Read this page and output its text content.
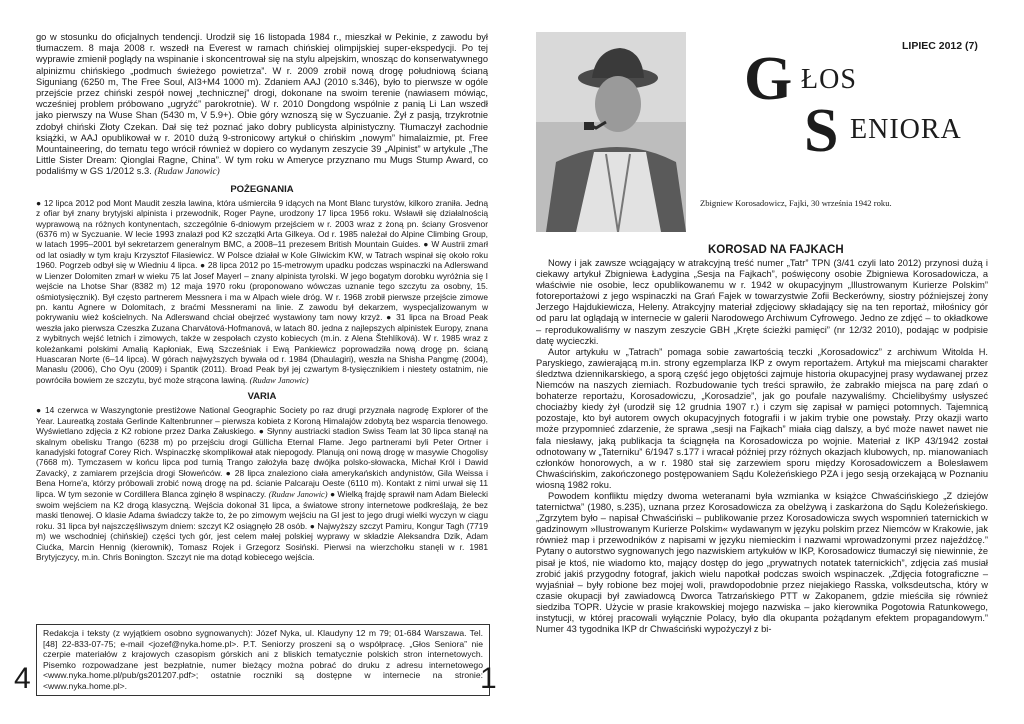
go w stosunku do oficjalnych tendencji. Urodził się 16 listopada 1984 r., mieszkał w Pekinie, z zawodu był tłumaczem. 8 maja 2008 r. wszedł na Everest w ramach chińskiej olimpijskiej super-ekspedycji. Po tej wyprawie zmienił poglądy na wspinanie i skoncentrował się na stylu alpejskim, wnosząc do konserwatywnego alpinizmu chińskiego „podmuch świeżego powietrza”. W r. 2009 zrobił nową drogę południową ścianą Siguniang (6250 m, The Free Soul, AI3+M4 1000 m). Zdaniem AAJ (2010 s.346), było to pierwsze w ogóle przejście przez chiński zespół nowej „technicznej” drogi, dokonane na swoim terenie (nawiasem mówiąc, wcześniej problem próbowano „ugryźć” parokrotnie). W r. 2010 Dongdong wspólnie z panią Li Lan wszedł jako pierwszy na Wuse Shan (5430 m, V 5.9+). Obie góry wznoszą się w Syczuanie. Żył z pasją, trzykrotnie zdobył chiński Złoty Czekan. Dał się też poznać jako dobry publicysta alpinistyczny. Tłumaczył zachodnie książki, w AAJ opublikował w r. 2010 dużą 9-stronicowy artykuł o chińskim „nowym” himalaizmie, pt. Free Mountaineering, do tematu tego wrócił również w dopiero co wydanym zeszycie 39 „Alpinist” w artykule „The Little Sister Dream: Qionglai Ragne, China”. W tym roku w Ameryce przyznano mu Mugs Stump Award, co podaliśmy w GS 1/2012 s.3. (Rudaw Janowic)

POŻEGNANIA

● 12 lipca 2012 pod Mont Maudit zeszła lawina, która uśmierciła 9 idących na Mont Blanc turystów, kilkoro zraniła. Jedną z ofiar był znany brytyjski alpinista i przewodnik, Roger Payne, urodzony 17 lipca 1956 roku. Wsławił się działalnością wyprawową na różnych kontynentach, szczególnie 6-dniowym przejściem w r. 2003 wraz z żoną pn. ściany Grosvenor (6376 m) w Syczuanie. W lecie 1993 znalazł pod K2 szczątki Arta Gilkeya. Od r. 1985 należał do Alpine Climbing Group, w latach 1995–2001 był sekretarzem generalnym BMC, a 2008–11 prezesem British Mountain Guides. ● W Austrii zmarł od lat osiadły w tym kraju Krzysztof Filasiewicz. W Polsce działał w Kole Gliwickim KW, w Tatrach wspinał się około roku 1960. Pogrzeb odbył się w Wiedniu 4 lipca. ● 28 lipca 2012 po 15-metrowym upadku podczas wspinaczki na Adlerswand w Lienzer Dolomiten zmarł w wieku 75 lat Josef Mayerl – znany alpinista tyrolski. W jego bogatym dorobku wyróżnia się I wejście na Lhotse Shar (8382 m) 12 maja 1970 roku (proponowano wówczas uznanie tego szczytu za osobny, 15. ośmiotysięcznik). Był często partnerem Messnera i ma w Alpach wiele dróg. W r. 1968 zrobił pierwsze przejście zimowe pn. kantu Agnere w Dolomitach, z braćmi Messnerami na linie. Z zawodu był dekarzem, wyspecjalizowanym w pokrywaniu wież kościelnych. Na Adlerswand chciał obejrzeć wystawiony tam nowy krzyż. ● 31 lipca na Broad Peak weszła jako pierwsza Czeszka Zuzana Charvátová-Hofmanová, w latach 80. jedna z najlepszych alpinistek Europy, znana z wybitnych wejść letnich i zimowych, także w zespołach czysto kobiecych (m.in. z Alena Štehlíková). W r. 1985 wraz z koleżankami polskimi Amalią Kapłoniak, Ewą Szcześniak i Ewą Pankiewicz poprowadziła nową drogę pn. ścianą Huascaran Norte (6–14 lipca). W górach najwyższych bywała od r. 1984 (Dhaulagiri), weszła na Shisha Pangmę (2004), Manaslu (2006), Cho Oyu (2009) i Spantik (2011). Broad Peak był jej czwartym 8-tysięcznikiem i niestety ostatnim, nie powróciła bowiem ze szczytu, być może strącona lawiną. (Rudaw Janowic)

VARIA

● 14 czerwca w Waszyngtonie prestiżowe National Geographic Society po raz drugi przyznała nagrodę Explorer of the Year. Laureatką została Gerlinde Kaltenbrunner – pierwsza kobieta z Koroną Himalajów zdobytą bez wsparcia tlenowego. Wyświetlano zdjęcia z K2 robione przez Darka Załuskiego. ● Słynny austriacki stadion Swiss Team lat 30 lipca stanął na skalnym obelisku Trango (6238 m) po przejściu drogi Güllicha Eternal Flame. Jego partnerami byli Peter Ortner i kanadyjski fotograf Corey Rich. Wspinaczkę skomplikował atak niepogody. Planują oni nową drogę w masywie Chogolisy (7668 m). Tymczasem w końcu lipca pod turnią Trango założyła bazę dwójka polsko-słowacka, Michał Król i Dawid Zavacký, z zamiarem przejścia drogi Słoweńców. ● 28 lipca znaleziono ciała amerykańskich andynistów, Gila Weissa i Bena Horne'a, którzy próbowali zrobić nową drogę na pd. ścianie Palcaraju Oeste (6110 m). Kontakt z nimi urwał się 11 lipca. W tym sezonie w Cordillera Blanca zginęło 8 wspinaczy. (Rudaw Janowic) ● Wielką frajdę sprawił nam Adam Bielecki swoim wejściem na K2 drogą klasyczną. Wejścia dokonał 31 lipca, a światowe strony internetowe podkreślają, że bez maski tlenowej. O klasie Adama świadczy także to, że po zimowym wejściu na GI jest to jego drugi wielki wyczyn w ciągu roku. 31 lipca był najszczęśliwszym dniem: szczyt K2 osiągnęło 28 osób. ● Najwyższy szczyt Pamiru, Kongur Tagh (7719 m) we wschodniej (chińskiej) części tych gór, jest celem małej polskiej wyprawy w składzie Aleksandra Dzik, Adam Ciućka, Marcin Hennig (kierownik), Tomasz Rojek i Grzegorz Sosiński. Pierwsi na wierzchołku stanęli w r. 1981 Brytyjczycy, m.in. Chris Bonington. Szczyt nie ma dotąd kobiecego wejścia.

Redakcja i teksty (z wyjątkiem osobno sygnowanych): Józef Nyka, ul. Klaudyny 12 m 79; 01-684 Warszawa. Tel. [48] 22-833-07-75; e-mail <jozef@nyka.home.pl>. P.T. Seniorzy proszeni są o współpracę. „Głos Seniora” nie czerpie materiałów z krajowych czasopism górskich ani z bliskich tematycznie polskich stron internetowych. Pisemko rozpowadzane jest bezpłatnie, numer bieżący można pobrać do druku z adresu internetowego <www.nyka.home.pl/pub/gs201207.pdf>; ostatnie roczniki są dostępne w internecie na stronie: <www.nyka.home.pl>.
4
Zbigniew Korosadowicz, Fajki, 30 września 1942 roku.
LIPIEC 2012 (7)
G ŁOS
S ENIORA
KOROSAD NA FAJKACH

Nowy i jak zawsze wciągający w atrakcyjną treść numer „Tatr” TPN (3/41 czyli lato 2012) przynosi dużą i ciekawy artykuł Zbigniewa Ładygina „Sesja na Fajkach”, poświęcony osobie Zbigniewa Korosadowicza, a właściwie nie osobie, lecz opublikowanemu w r. 1942 w okupacyjnym „Illustrowanym Kurierze Polskim” fotoreportażowi z jego wspinaczki na Grań Fajek w towarzystwie Zofii Beckerówny, siostry późniejszej żony Jerzego Hajdukiewicza, Heleny. Atrakcyjny materiał zdjęciowy składający się na ten reportaż, miłośnicy gór od paru lat oglądają w internecie w galerii Narodowego Archiwum Cyfrowego. Jedno ze zdjęć – to okładkowe – reprodukowaliśmy w naszym zeszycie GBH „Kręte ścieżki pamięci” (nr 12/32 2010), podając w podpisie datę wycieczki.

Autor artykułu w „Tatrach” pomaga sobie zawartością teczki „Korosadowicz” z archiwum Witolda H. Paryskiego, zawierającą m.in. strony egzemplarza IKP z owym reportażem. Artykuł ma miejscami charakter śledztwa dziennikarskiego, a sporą część jego objętości zajmuje historia okupacyjnej prasy wydawanej przez Niemców na naszych ziemiach. Rozbudowanie tych treści sprawiło, że zabrakło miejsca na parę zdań o bohaterze reportażu, Korosadowiczu, „Korosadzie”, jak go poufale nazywaliśmy. Chcielibyśmy usłyszeć chociażby kiedy żył (urodził się 12 grudnia 1907 r.) i czym się zapisał w pamięci potomnych. Tajemnicą pozostaje, kto był autorem owych okupacyjnych fotografii i w jakim trybie one powstały. Przy okazji warto może przypomnieć zdarzenie, że sprawa „sesji na Fajkach” miała ciąg dalszy, a być może nawet nawet nie fala niesławy, jaką publikacja ta ściągnęła na Korosadowicza po wojnie. Materiał z IKP 43/1942 został odnotowany w „Taterniku” 6/1947 s.177 i wracał później przy różnych okazjach klubowych, np. mianowaniach członków honorowych, a w r. 1980 stał się zarzewiem sporu między Korosadowiczem a Bolesławem Chwaścińskim, zakończonego postępowaniem Sądu Koleżeńskiego PZA i jego sesją orzekającą w Poznaniu wiosną 1982 roku.

Powodem konfliktu między dwoma weteranami była wzmianka w książce Chwaścińskiego „Z dziejów taternictwa” (1980, s.235), uznana przez Korosadowicza za obelżywą i zaskarżona do Sądu Koleżeńskiego. „Zgrzytem było – napisał Chwaściński – publikowanie przez Korosadowicza swych wspomnień taternickich w gadzinowym »Ilustrowanym Kurierze Polskim« wydawanym w języku polskim przez Niemców w Krakowie, jak również map i przewodników z napisami w języku niemieckim i nazwami wprowadzonymi przez najeźdźcę.” Pytany o autorstwo sygnowanych jego nazwiskiem artykułów w IKP, Korosadowicz tłumaczył się niewinnie, że pisał je ktoś, nie wiadomo kto, mający dostęp do jego „prywatnych notatek taternickich”, zdjęcia zaś musiał zrobić jakiś przygodny fotograf, jakich wielu napotkał podczas swoich wspinaczek. „Zdjęcia fotograficzne – wyjaśniał – były robione bez mojej woli, prawdopodobnie przez niejakiego Rasska, volksdeutscha, który w czasie okupacji był zawiadowcą Dworca Tatrzańskiego PTT w Zakopanem, gdzie mieściła się również siedziba TOPR. Użycie w prasie krakowskiej mojego nazwiska – jako kierownika Pogotowia Ratunkowego, instytucji, w której pracowali wyłącznie Polacy, było dla okupanta pożądanym efektem propagandowym.” Numer 43 tygodnika IKP dr Chwaściński wypożyczył z bi-

1
